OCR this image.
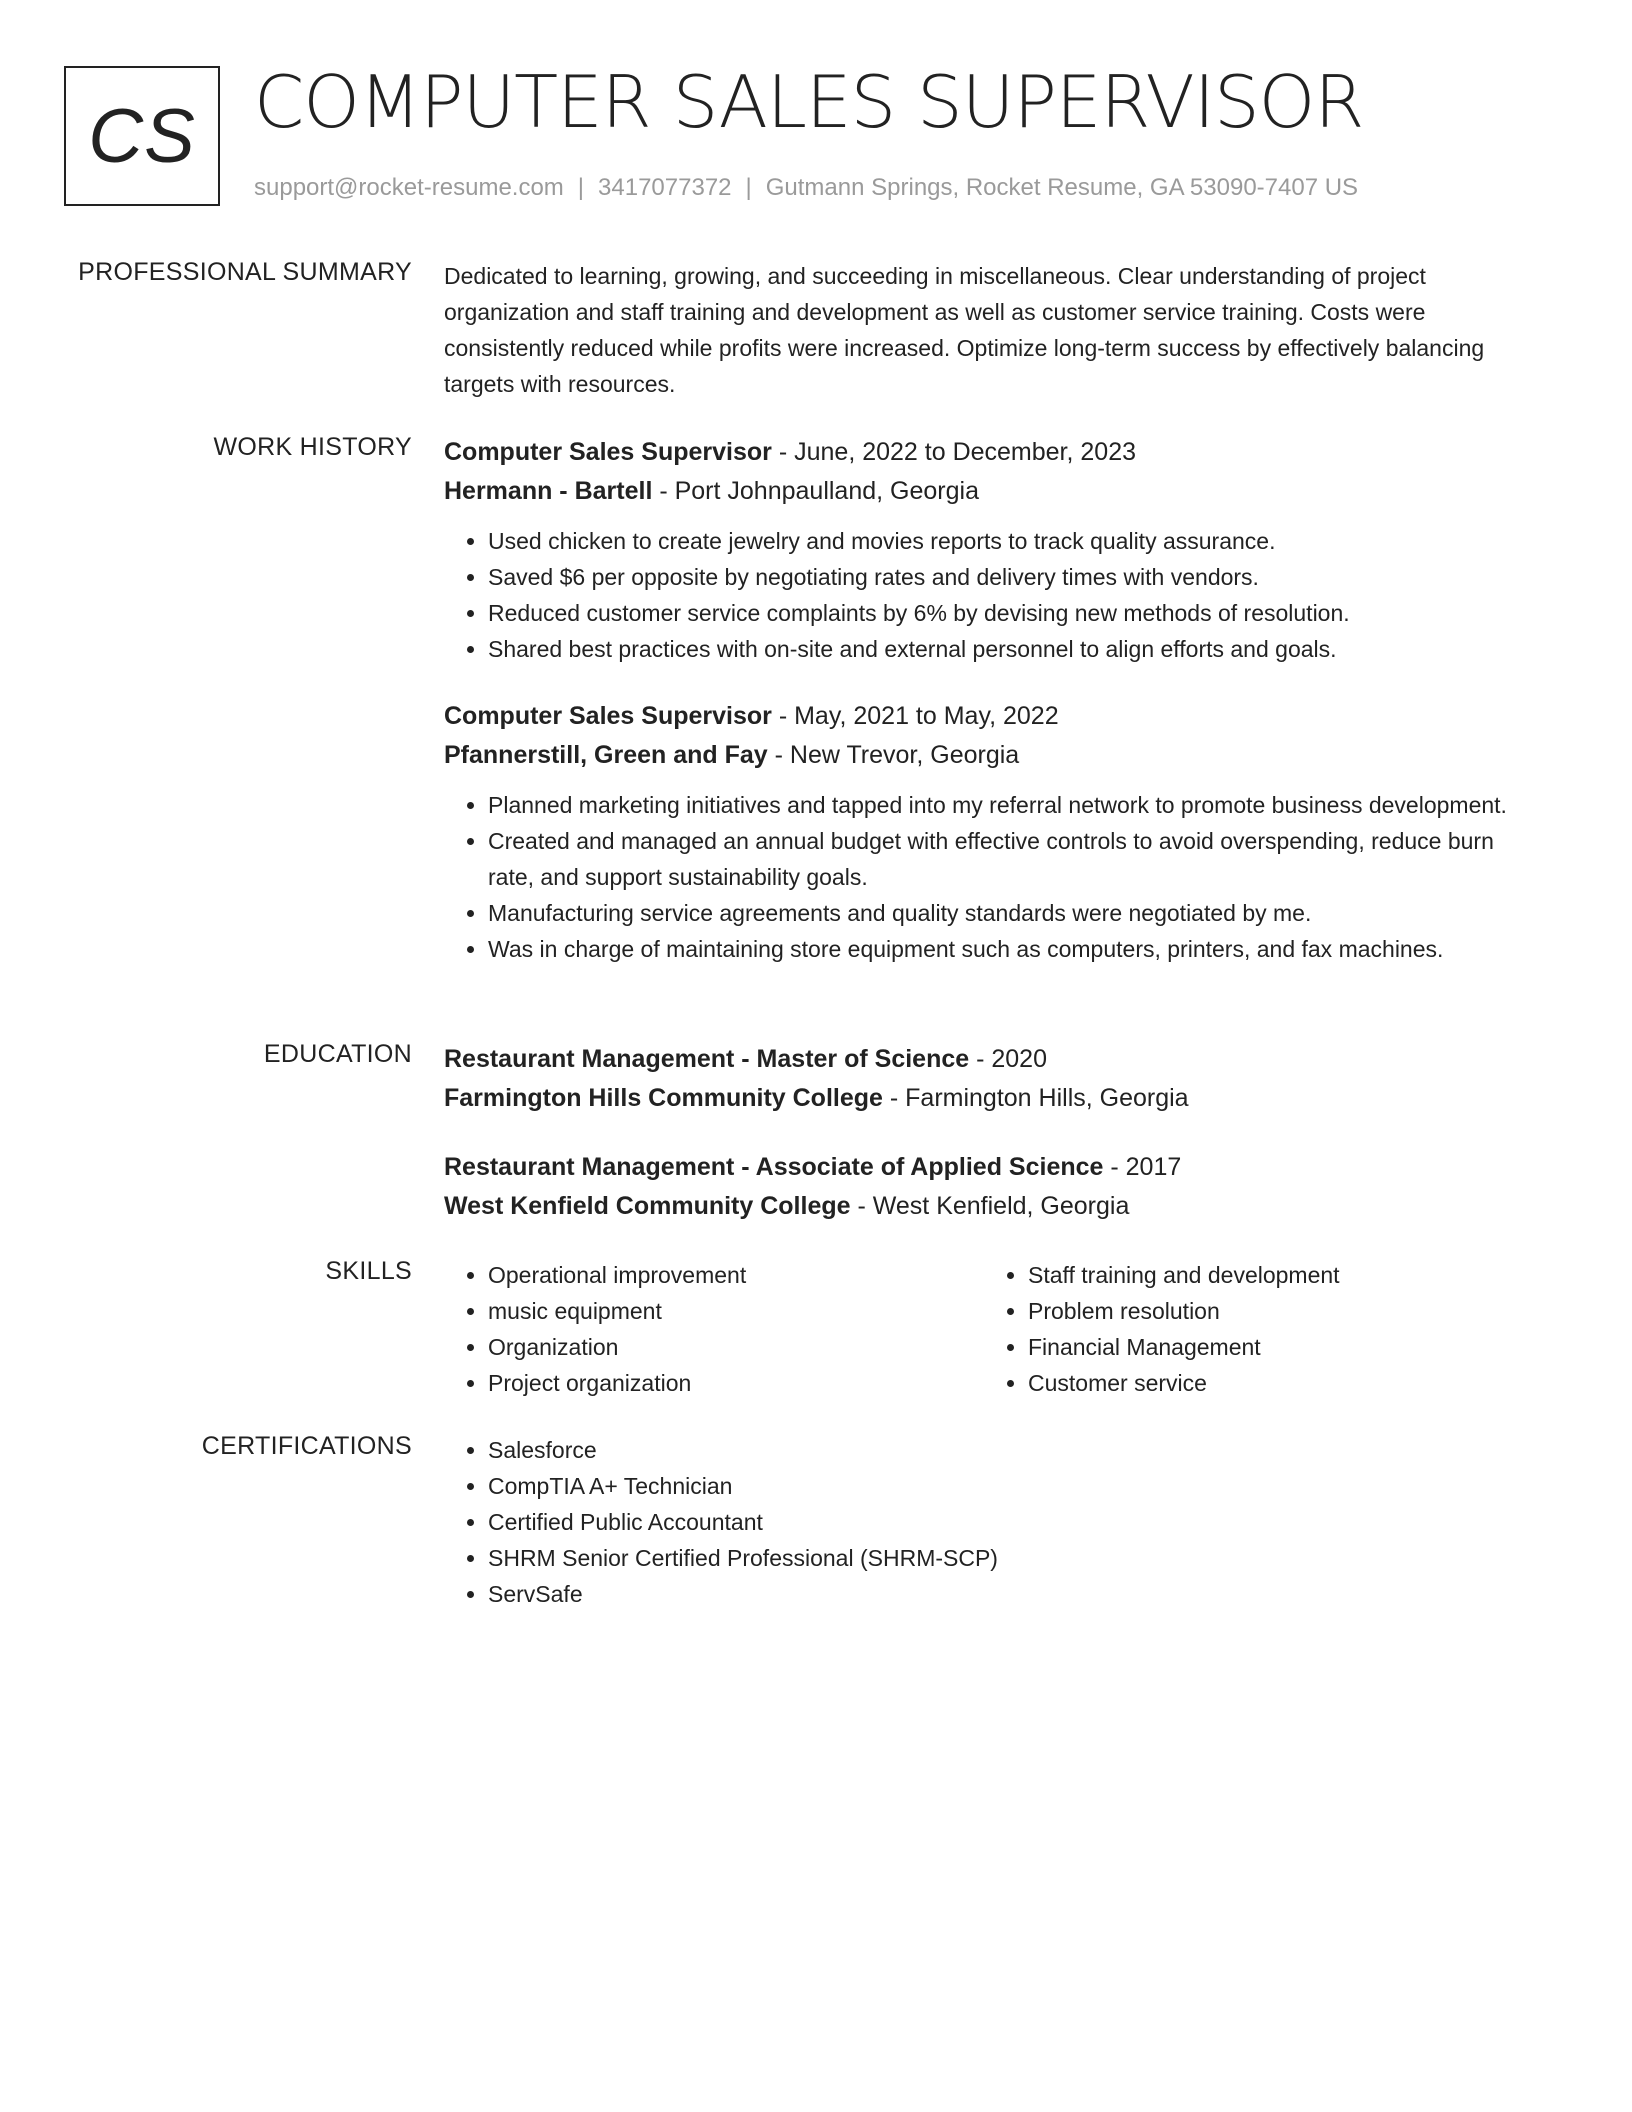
CS COMPUTER SALES SUPERVISOR
support@rocket-resume.com | 3417077372 | Gutmann Springs, Rocket Resume, GA 53090-7407 US
PROFESSIONAL SUMMARY Dedicated to learning, growing, and succeeding in miscellaneous. Clear understanding of project organization and staff training and development as well as customer service training. Costs were consistently reduced while profits were increased. Optimize long-term success by effectively balancing targets with resources.

WORK HISTORY Computer Sales Supervisor - June, 2022 to December, 2023
Hermann - Bartell - Port Johnpaulland, Georgia
• Used chicken to create jewelry and movies reports to track quality assurance.
• Saved $6 per opposite by negotiating rates and delivery times with vendors.
• Reduced customer service complaints by 6% by devising new methods of resolution.
• Shared best practices with on-site and external personnel to align efforts and goals.
Computer Sales Supervisor - May, 2021 to May, 2022
Pfannerstill, Green and Fay - New Trevor, Georgia
• Planned marketing initiatives and tapped into my referral network to promote business development.
• Created and managed an annual budget with effective controls to avoid overspending, reduce burn rate, and support sustainability goals.
• Manufacturing service agreements and quality standards were negotiated by me.
• Was in charge of maintaining store equipment such as computers, printers, and fax machines.
EDUCATION Restaurant Management - Master of Science - 2020
Farmington Hills Community College - Farmington Hills, Georgia
Restaurant Management - Associate of Applied Science - 2017
West Kenfield Community College - West Kenfield, Georgia
SKILLS	• Operational improvement
• music equipment
• Organization
• Project organization
• Staff training and development
• Problem resolution
• Financial Management
• Customer service
CERTIFICATIONS	• Salesforce
• CompTIA A+ Technician
• Certified Public Accountant
• SHRM Senior Certified Professional (SHRM-SCP)
• ServSafe
